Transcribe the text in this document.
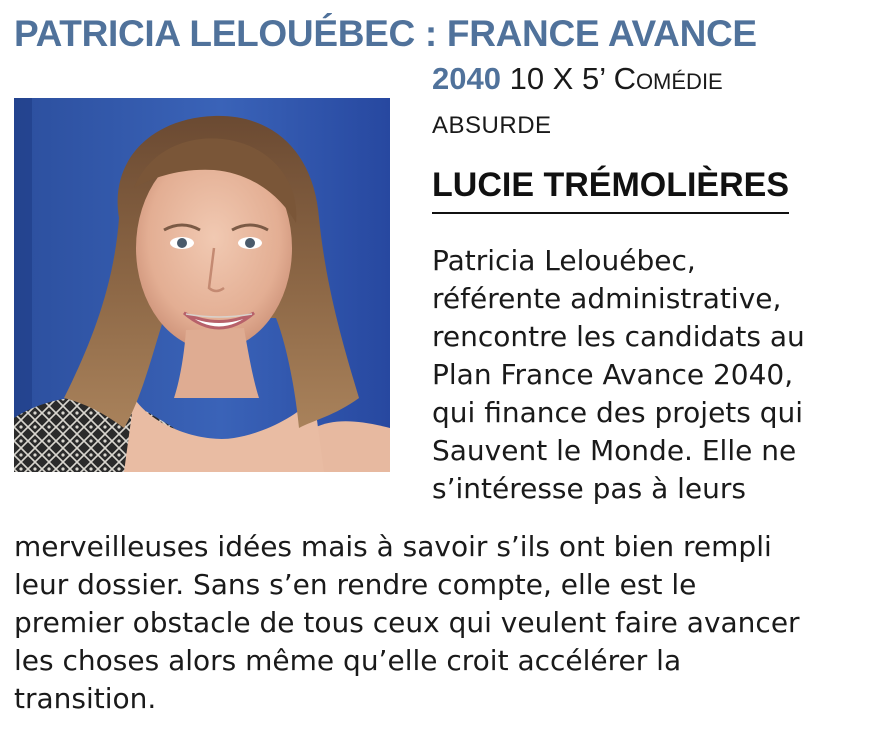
PATRICIA LELOUÉBEC : FRANCE AVANCE
2040 10 X 5’ Comédie
ABSURDE
LUCIE TRÉMOLIÈRES

Patricia Lelouébec,
référente administrative,
rencontre les candidats au
Plan France Avance 2040,
qui finance des projets qui
Sauvent le Monde. Elle ne
s’intéresse pas à leurs

merveilleuses idées mais à savoir s’ils ont bien rempli
leur dossier. Sans s’en rendre compte, elle est le
premier obstacle de tous ceux qui veulent faire avancer
les choses alors même qu’elle croit accélérer la
transition.
